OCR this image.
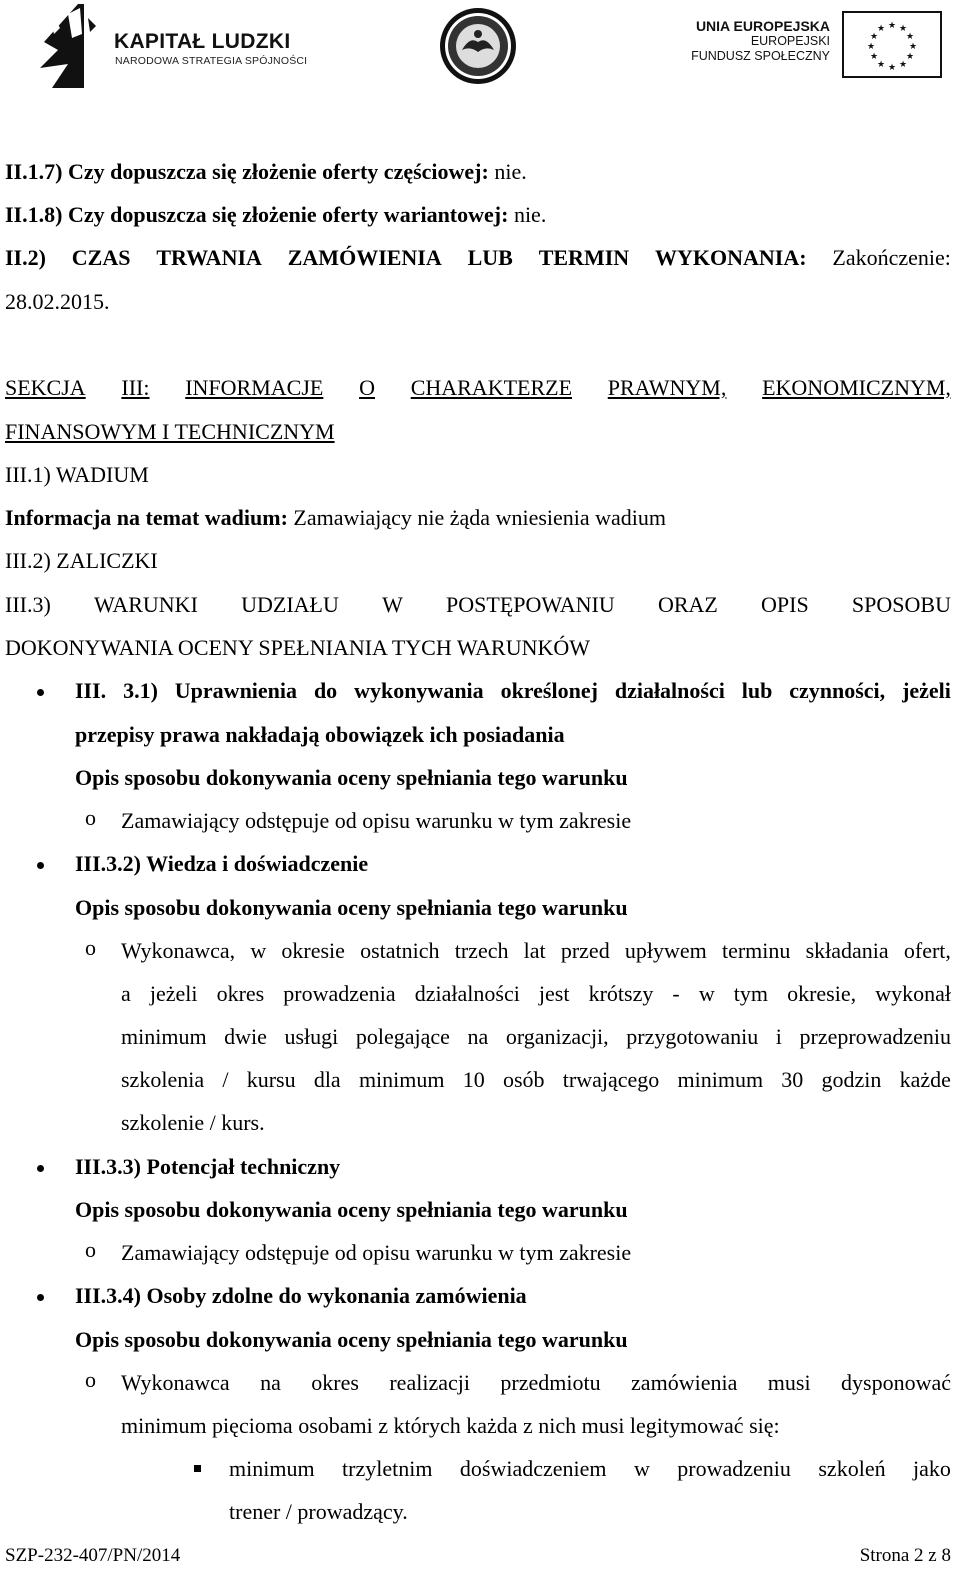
KAPITAŁ LUDZKI
NARODOWA STRATEGIA SPÓJNOŚCI
UNIA EUROPEJSKA
EUROPEJSKI
FUNDUSZ SPOŁECZNY
★ ★
★
★
★
★
★
★
★
★
★
★
II.1.7) Czy dopuszcza się złożenie oferty częściowej: nie.
II.1.8) Czy dopuszcza się złożenie oferty wariantowej: nie.
II.2) CZAS TRWANIA ZAMÓWIENIA LUB TERMIN WYKONANIA: Zakończenie:
28.02.2015.
SEKCJA III: INFORMACJE O CHARAKTERZE PRAWNYM, EKONOMICZNYM,
FINANSOWYM I TECHNICZNYM
III.1) WADIUM
Informacja na temat wadium: Zamawiający nie żąda wniesienia wadium
III.2) ZALICZKI
III.3) WARUNKI UDZIAŁU W POSTĘPOWANIU ORAZ OPIS SPOSOBU
DOKONYWANIA OCENY SPEŁNIANIA TYCH WARUNKÓW
III. 3.1) Uprawnienia do wykonywania określonej działalności lub czynności, jeżeli
przepisy prawa nakładają obowiązek ich posiadania
Opis sposobu dokonywania oceny spełniania tego warunku
o Zamawiający odstępuje od opisu warunku w tym zakresie
III.3.2) Wiedza i doświadczenie
Opis sposobu dokonywania oceny spełniania tego warunku
o Wykonawca, w okresie ostatnich trzech lat przed upływem terminu składania ofert,
a jeżeli okres prowadzenia działalności jest krótszy - w tym okresie, wykonał
minimum dwie usługi polegające na organizacji, przygotowaniu i przeprowadzeniu
szkolenia / kursu dla minimum 10 osób trwającego minimum 30 godzin każde
szkolenie / kurs.
III.3.3) Potencjał techniczny
Opis sposobu dokonywania oceny spełniania tego warunku
o Zamawiający odstępuje od opisu warunku w tym zakresie
III.3.4) Osoby zdolne do wykonania zamówienia
Opis sposobu dokonywania oceny spełniania tego warunku
o Wykonawca na okres realizacji przedmiotu zamówienia musi dysponować
minimum pięcioma osobami z których każda z nich musi legitymować się:
minimum trzyletnim doświadczeniem w prowadzeniu szkoleń jako
trener / prowadzący.
SZP-232-407/PN/2014	Strona 2 z 8
